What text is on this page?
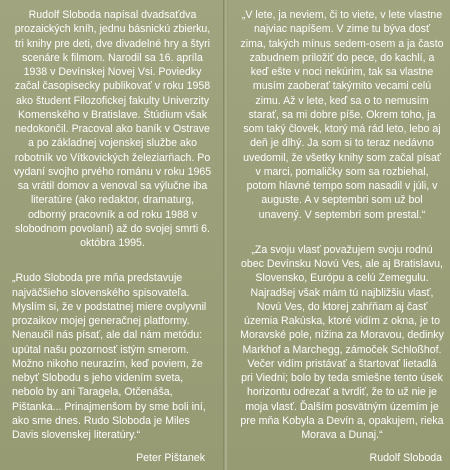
Rudolf Sloboda napísal dvadsaťdva prozaických kníh, jednu básnickú zbierku, tri knihy pre deti, dve divadelné hry a štyri scenáre k filmom. Narodil sa 16. apríla 1938 v Devínskej Novej Vsi. Poviedky začal časopisecky publikovať v roku 1958 ako študent Filozofickej fakulty Univerzity Komenského v Bratislave. Štúdium však nedokončil. Pracoval ako baník v Ostrave a po základnej vojenskej službe ako robotník vo Vítkovických železiarňach. Po vydaní svojho prvého románu v roku 1965 sa vrátil domov a venoval sa výlučne iba literatúre (ako redaktor, dramaturg, odborný pracovník a od roku 1988 v slobodnom povolaní) až do svojej smrti 6. októbra 1995.

„Rudo Sloboda pre mňa predstavuje najväčšieho slovenského spisovateľa. Myslím si, že v podstatnej miere ovplyvnil prozaikov mojej generačnej platformy. Nenaučil nás písať, ale dal nám metódu: upútal našu pozornosť istým smerom. Možno nikoho neurazím, keď poviem, že nebyť Slobodu s jeho videním sveta, nebolo by ani Taragela, Otčenáša, Pištanka... Prinajmenšom by sme boli iní, ako sme dnes. Rudo Sloboda je Miles Davis slovenskej literatúry.“

Peter Pištanek

„V lete, ja neviem, či to viete, v lete vlastne najviac napíšem. V zime tu býva dosť zima, takých mínus sedem-osem a ja často zabudnem priložiť do pece, do kachlí, a keď ešte v noci nekúrim, tak sa vlastne musím zaoberať takýmito vecami celú zimu. Až v lete, keď sa o to nemusím starať, sa mi dobre píše. Okrem toho, ja som taký človek, ktorý má rád leto, lebo aj deň je dlhý. Ja som si to teraz nedávno uvedomil, že všetky knihy som začal písať v marci, pomaličky som sa rozbiehal, potom hlavné tempo som nasadil v júli, v auguste. A v septembri som už bol unavený. V septembri som prestal.“

„Za svoju vlasť považujem svoju rodnú obec Devínsku Novú Ves, ale aj Bratislavu, Slovensko, Európu a celú Zemegulu. Najradšej však mám tú najbližšiu vlasť, Novú Ves, do ktorej zahŕňam aj časť územia Rakúska, ktoré vidím z okna, je to Moravské pole, nížina za Moravou, dedinky Markhof a Marchegg, zámoček Schloßhof. Večer vidím pristávať a štartovať lietadlá pri Viedni; bolo by teda smiešne tento úsek horizontu odrezať a tvrdiť, že to už nie je moja vlasť. Ďalším posvätným územím je pre mňa Kobyla a Devín a, opakujem, rieka Morava a Dunaj.“

Rudolf Sloboda
